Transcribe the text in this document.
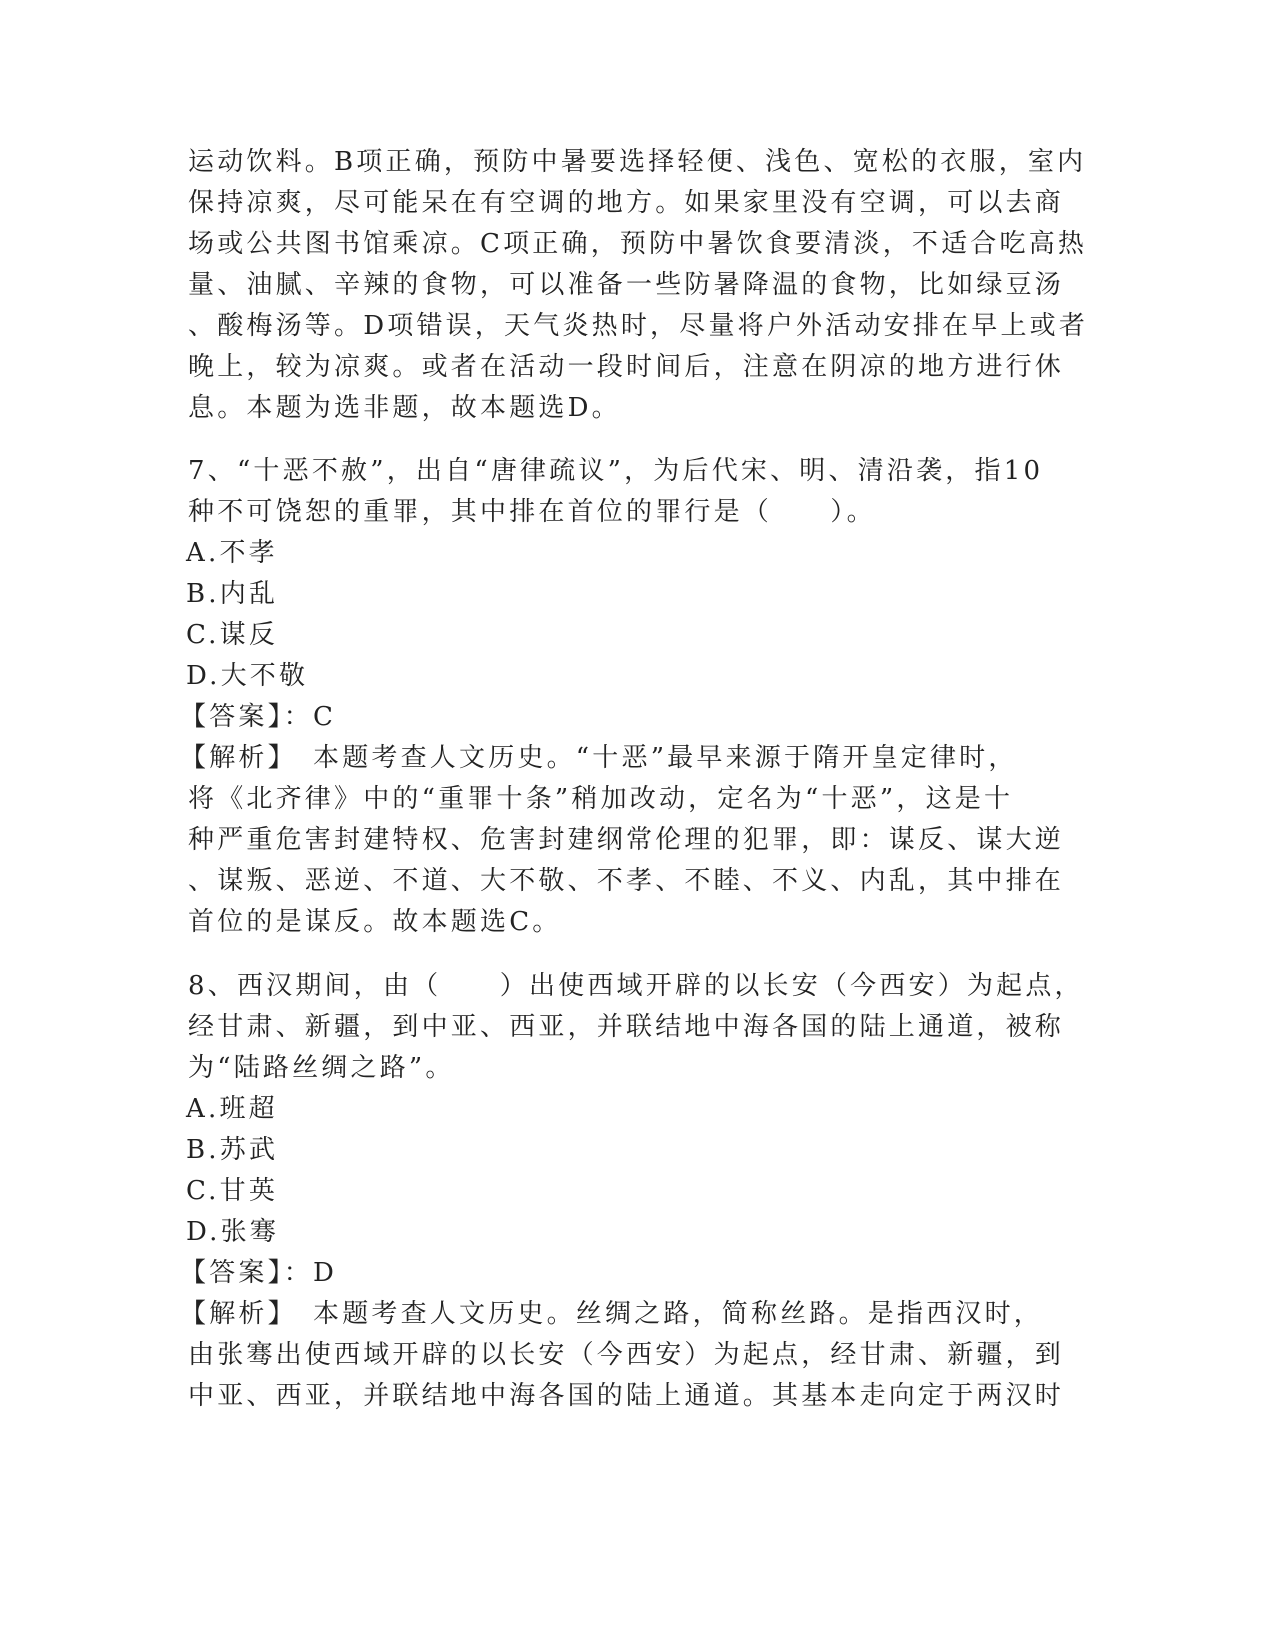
运动饮料。B项正确，预防中暑要选择轻便、浅色、宽松的衣服，室内
保持凉爽，尽可能呆在有空调的地方。如果家里没有空调，可以去商
场或公共图书馆乘凉。C项正确，预防中暑饮食要清淡，不适合吃高热
量、油腻、辛辣的食物，可以准备一些防暑降温的食物，比如绿豆汤
、酸梅汤等。D项错误，天气炎热时，尽量将户外活动安排在早上或者
晚上，较为凉爽。或者在活动一段时间后，注意在阴凉的地方进行休
息。本题为选非题，故本题选D。
7、“十恶不赦”，出自“唐律疏议”，为后代宋、明、清沿袭，指10
种不可饶恕的重罪，其中排在首位的罪行是（　　）。
A.不孝
B.内乱
C.谋反
D.大不敬
【答案】：C
【解析】　本题考查人文历史。“十恶”最早来源于隋开皇定律时，
将《北齐律》中的“重罪十条”稍加改动，定名为“十恶”，这是十
种严重危害封建特权、危害封建纲常伦理的犯罪，即：谋反、谋大逆
、谋叛、恶逆、不道、大不敬、不孝、不睦、不义、内乱，其中排在
首位的是谋反。故本题选C。
8、西汉期间，由（　　）出使西域开辟的以长安（今西安）为起点，
经甘肃、新疆，到中亚、西亚，并联结地中海各国的陆上通道，被称
为“陆路丝绸之路”。
A.班超
B.苏武
C.甘英
D.张骞
【答案】：D
【解析】　本题考查人文历史。丝绸之路，简称丝路。是指西汉时，
由张骞出使西域开辟的以长安（今西安）为起点，经甘肃、新疆，到
中亚、西亚，并联结地中海各国的陆上通道。其基本走向定于两汉时
